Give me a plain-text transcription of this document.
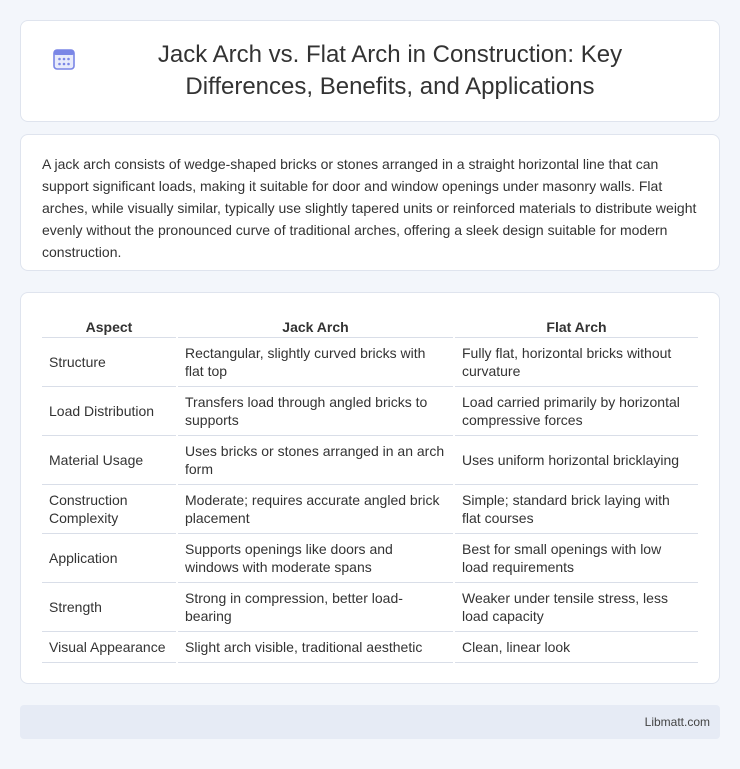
Jack Arch vs. Flat Arch in Construction: Key Differences, Benefits, and Applications

A jack arch consists of wedge-shaped bricks or stones arranged in a straight horizontal line that can support significant loads, making it suitable for door and window openings under masonry walls. Flat arches, while visually similar, typically use slightly tapered units or reinforced materials to distribute weight evenly without the pronounced curve of traditional arches, offering a sleek design suitable for modern construction.

Aspect	Jack Arch	Flat Arch
Structure	Rectangular, slightly curved bricks with flat top	Fully flat, horizontal bricks without curvature
Load Distribution	Transfers load through angled bricks to supports	Load carried primarily by horizontal compressive forces
Material Usage	Uses bricks or stones arranged in an arch form	Uses uniform horizontal bricklaying
Construction Complexity	Moderate; requires accurate angled brick placement	Simple; standard brick laying with flat courses
Application	Supports openings like doors and windows with moderate spans	Best for small openings with low load requirements
Strength	Strong in compression, better load-bearing	Weaker under tensile stress, less load capacity
Visual Appearance	Slight arch visible, traditional aesthetic	Clean, linear look
Libmatt.com
